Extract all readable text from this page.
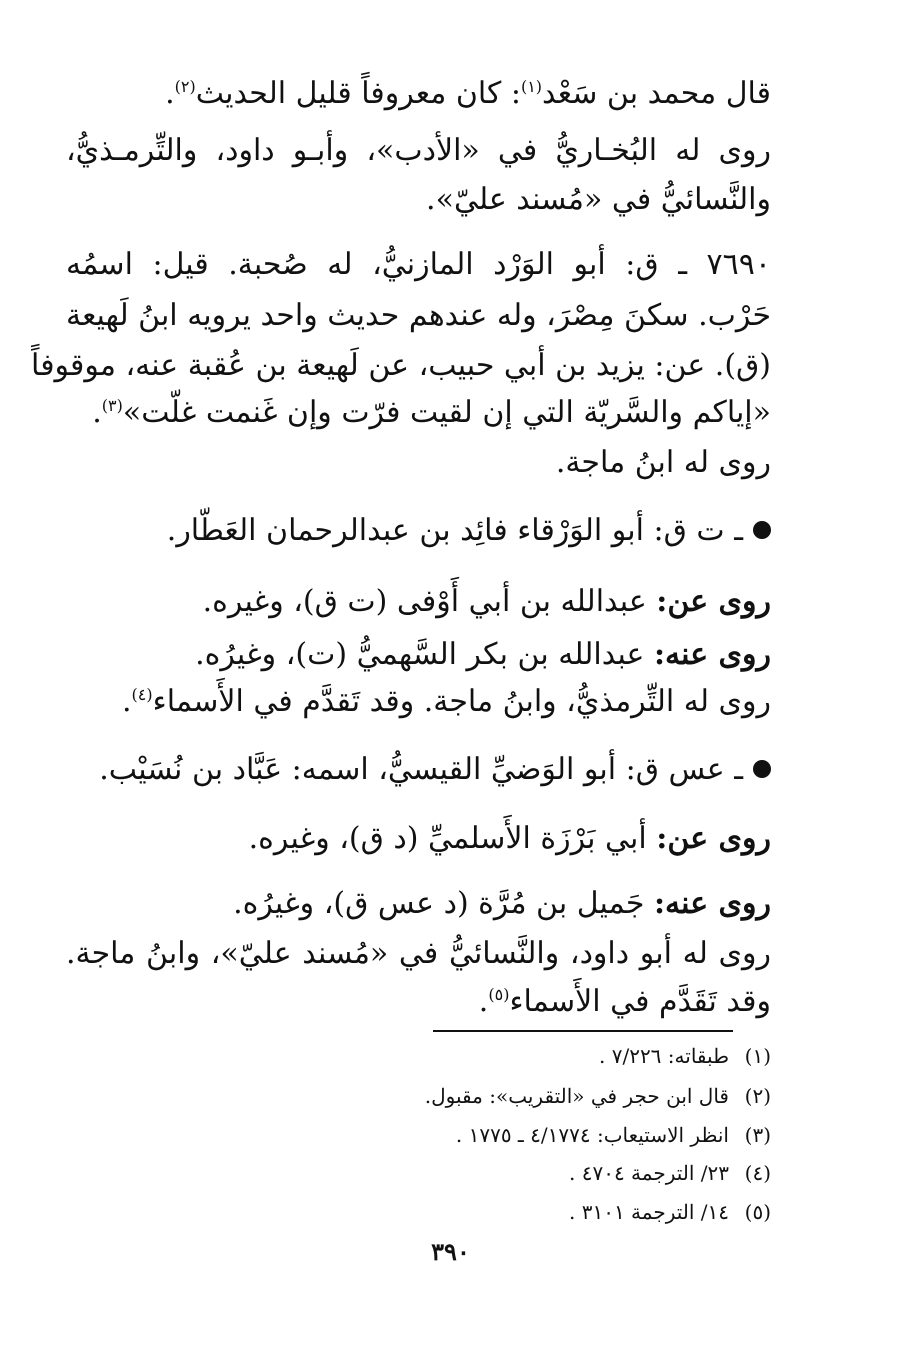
قال محمد بن سَعْد$^{(١)}$: كان معروفاً قليل الحديث$^{(٢)}$.
روى له البُخـاريُّ في «الأدب»، وأبـو داود، والتِّرمـذيُّ،
والنَّسائيُّ في «مُسند عليّ».
٧٦٩٠ ـ ق: أبو الوَرْد المازنيُّ، له صُحبة. قيل: اسمُه
حَرْب. سكنَ مِصْرَ، وله عندهم حديث واحد يرويه ابنُ لَهيعة
(ق). عن: يزيد بن أبي حبيب، عن لَهيعة بن عُقبة عنه، موقوفاً
«إياكم والسَّريّة التي إن لقيت فرّت وإن غَنمت غلّت»$^{(٣)}$.
روى له ابنُ ماجة.
ـ ت ق: أبو الوَرْقاء فائِد بن عبدالرحمان العَطّار.
روى عن: عبدالله بن أبي أَوْفى (ت ق)، وغيره.
روى عنه: عبدالله بن بكر السَّهميُّ (ت)، وغيرُه.
روى له التِّرمذيُّ، وابنُ ماجة. وقد تَقدَّم في الأَسماء$^{(٤)}$.
ـ عس ق: أبو الوَضيِّ القيسيُّ، اسمه: عَبَّاد بن نُسَيْب.
روى عن: أبي بَرْزَة الأَسلميِّ (د ق)، وغيره.
روى عنه: جَميل بن مُرَّة (د عس ق)، وغيرُه.
روى له أبو داود، والنَّسائيُّ في «مُسند عليّ»، وابنُ ماجة.
وقد تَقَدَّم في الأَسماء$^{(٥)}$.
(١)طبقاته: ٧/٢٢٦ .
(٢)قال ابن حجر في «التقريب»: مقبول.
(٣)انظر الاستيعاب: ٤/١٧٧٤ ـ ١٧٧٥ .
(٤)٢٣/ الترجمة ٤٧٠٤ .
(٥)١٤/ الترجمة ٣١٠١ .
٣٩٠
